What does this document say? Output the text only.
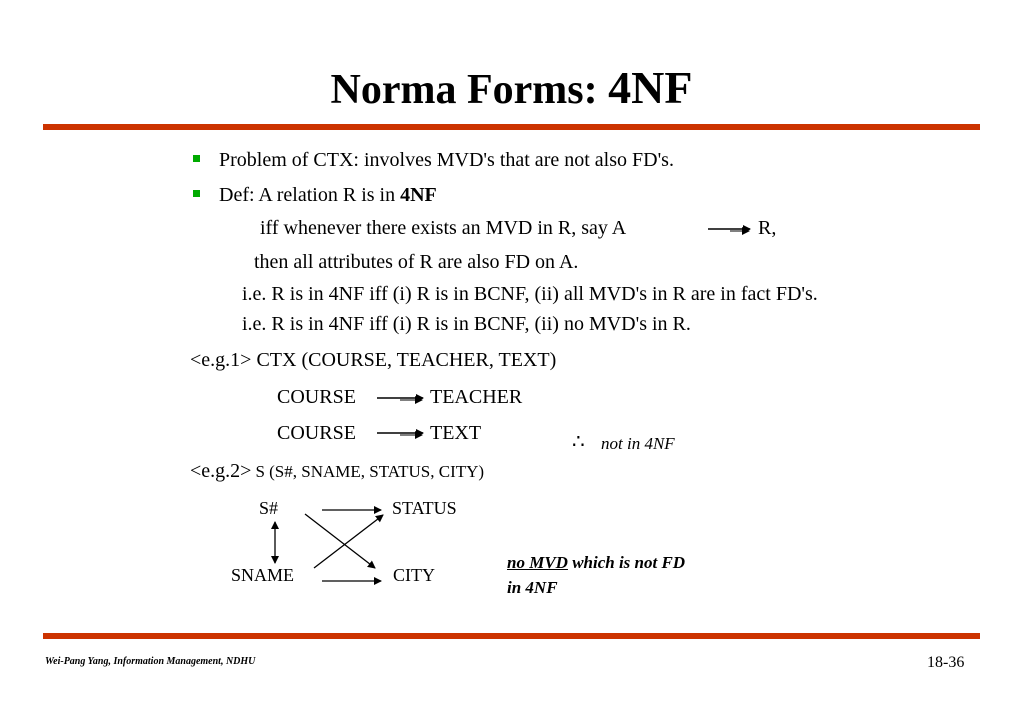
Norma Forms: 4NF
Problem of CTX: involves MVD's that are not also FD's.
Def: A relation R is in 4NF
iff whenever there exists an MVD in R, say A	R,
then all attributes of R are also FD on A.
i.e. R is in 4NF iff (i) R is in BCNF, (ii) all MVD's in R are in fact FD's.
i.e. R is in 4NF iff (i) R is in BCNF, (ii) no MVD's in R.
<e.g.1> CTX (COURSE, TEACHER, TEXT)
COURSE	TEACHER
COURSE	TEXT	∴ not in 4NF
<e.g.2> S (S#, SNAME, STATUS, CITY)
S#	STATUS
SNAME	CITY
no MVD which is not FD
in 4NF
Wei-Pang Yang, Information Management, NDHU	18-36
